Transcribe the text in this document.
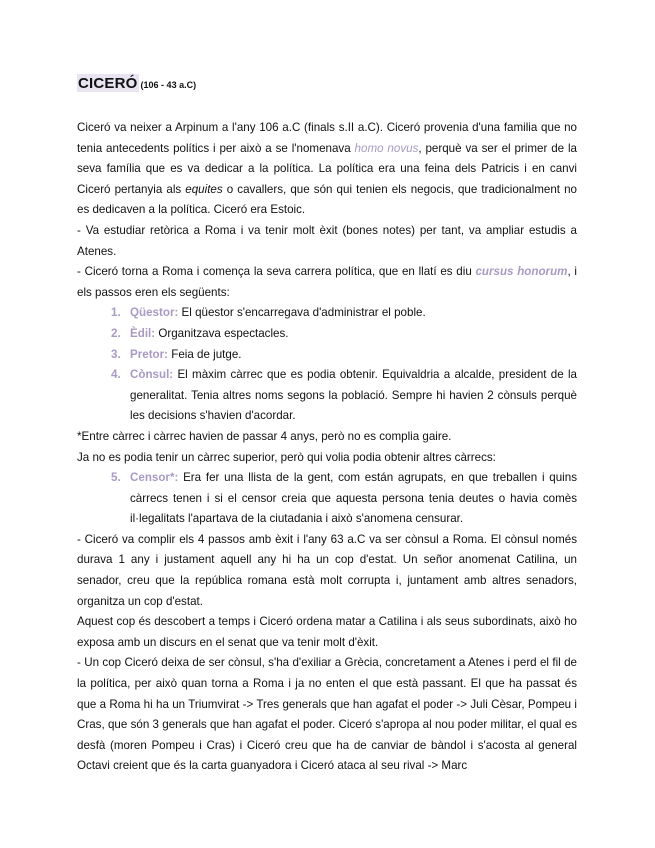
CICERÓ (106 - 43 a.C)

Ciceró va neixer a Arpinum a l'any 106 a.C (finals s.II a.C). Ciceró provenia d'una familia que no tenia antecedents polítics i per això a se l'nomenava homo novus, perquè va ser el primer de la seva família que es va dedicar a la política. La política era una feina dels Patricis i en canvi Ciceró pertanyia als equites o cavallers, que són qui tenien els negocis, que tradicionalment no es dedicaven a la política. Ciceró era Estoic.

- Va estudiar retòrica a Roma i va tenir molt èxit (bones notes) per tant, va ampliar estudis a Atenes.

- Ciceró torna a Roma i comença la seva carrera política, que en llatí es diu cursus honorum, i els passos eren els següents:

1. Qüestor: El qüestor s'encarregava d'administrar el poble.
2. Èdil: Organitzava espectacles.
3. Pretor: Feia de jutge.
4. Cònsul: El màxim càrrec que es podia obtenir. Equivaldria a alcalde, president de la generalitat. Tenia altres noms segons la població. Sempre hi havien 2 cònsuls perquè les decisions s'havien d'acordar.

*Entre càrrec i càrrec havien de passar 4 anys, però no es complia gaire.

Ja no es podia tenir un càrrec superior, però qui volia podia obtenir altres càrrecs:

5. Censor*: Era fer una llista de la gent, com están agrupats, en que treballen i quins càrrecs tenen i si el censor creia que aquesta persona tenia deutes o havia comès il·legalitats l'apartava de la ciutadania i això s'anomena censurar.

- Ciceró va complir els 4 passos amb èxit i l'any 63 a.C va ser cònsul a Roma. El cònsul només durava 1 any i justament aquell any hi ha un cop d'estat. Un señor anomenat Catilina, un senador, creu que la república romana està molt corrupta i, juntament amb altres senadors, organitza un cop d'estat.

Aquest cop és descobert a temps i Ciceró ordena matar a Catilina i als seus subordinats, això ho exposa amb un discurs en el senat que va tenir molt d'èxit.

- Un cop Ciceró deixa de ser cònsul, s'ha d'exiliar a Grècia, concretament a Atenes i perd el fil de la política, per això quan torna a Roma i ja no enten el que està passant. El que ha passat és que a Roma hi ha un Triumvirat -> Tres generals que han agafat el poder -> Juli Cèsar, Pompeu i Cras, que són 3 generals que han agafat el poder. Ciceró s'apropa al nou poder militar, el qual es desfà (moren Pompeu i Cras) i Ciceró creu que ha de canviar de bàndol i s'acosta al general Octavi creient que és la carta guanyadora i Ciceró ataca al seu rival -> Marc
